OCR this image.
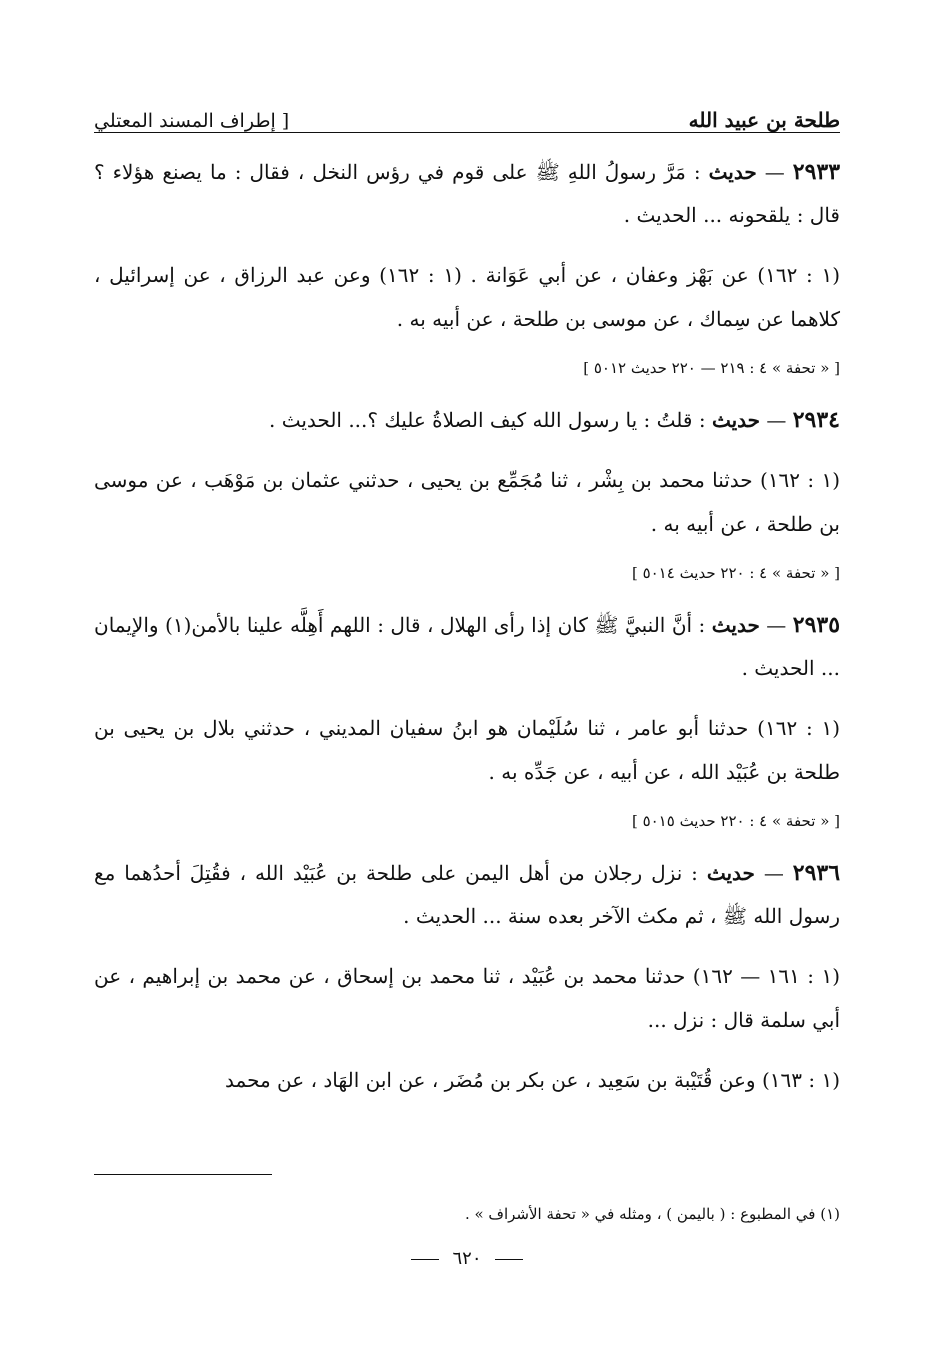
طلحة بن عبيد الله
[ إطراف المسند المعتلي
٢٩٣٣ — حديث : مَرَّ رسولُ اللهِ ﷺ على قوم في رؤس النخل ، فقال : ما يصنع هؤلاء ؟ قال : يلقحونه ... الحديث .
(١ : ١٦٢) عن بَهْز وعفان ، عن أبي عَوَانة . (١ : ١٦٢) وعن عبد الرزاق ، عن إسرائيل ، كلاهما عن سِماك ، عن موسى بن طلحة ، عن أبيه به .
[ « تحفة » ٤ : ٢١٩ — ٢٢٠ حديث ٥٠١٢ ]
٢٩٣٤ — حديث : قلتُ : يا رسول الله كيف الصلاةُ عليك ؟... الحديث .
(١ : ١٦٢) حدثنا محمد بن بِشْر ، ثنا مُجَمِّع بن يحيى ، حدثني عثمان بن مَوْهَب ، عن موسى بن طلحة ، عن أبيه به .
[ « تحفة » ٤ : ٢٢٠ حديث ٥٠١٤ ]
٢٩٣٥ — حديث : أنَّ النبيَّ ﷺ كان إذا رأى الهلال ، قال : اللهم أَهِلَّه علينا بالأمن(١) والإيمان ... الحديث .
(١ : ١٦٢) حدثنا أبو عامر ، ثنا سُلَيْمان هو ابنُ سفيان المديني ، حدثني بلال بن يحيى بن طلحة بن عُبَيْد الله ، عن أبيه ، عن جَدِّه به .
[ « تحفة » ٤ : ٢٢٠ حديث ٥٠١٥ ]
٢٩٣٦ — حديث : نزل رجلان من أهل اليمن على طلحة بن عُبَيْد الله ، فقُتِلَ أحدُهما مع رسول الله ﷺ ، ثم مكث الآخر بعده سنة ... الحديث .
(١ : ١٦١ — ١٦٢) حدثنا محمد بن عُبَيْد ، ثنا محمد بن إسحاق ، عن محمد بن إبراهيم ، عن أبي سلمة قال : نزل ...
(١ : ١٦٣) وعن قُتَيْبة بن سَعِيد ، عن بكر بن مُضَر ، عن ابن الهَاد ، عن محمد
(١) في المطبوع : ( باليمن ) ، ومثله في « تحفة الأشراف » .
٦٢٠
